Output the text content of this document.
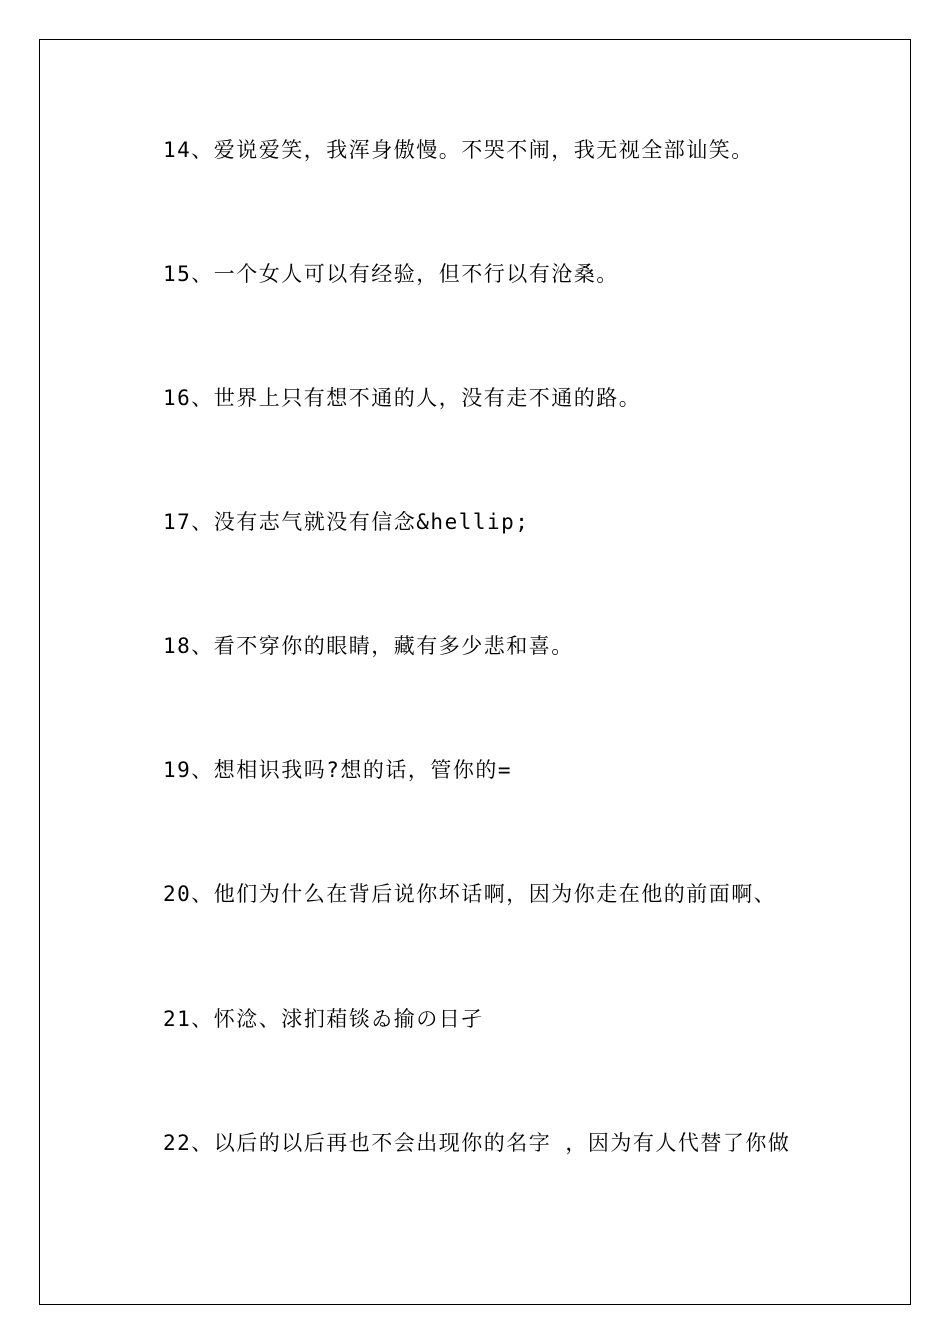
14、爱说爱笑，我浑身傲慢。不哭不闹，我无视全部讪笑。
15、一个女人可以有经验，但不行以有沧桑。
16、世界上只有想不通的人，没有走不通的路。
17、没有志气就没有信念&hellip;
18、看不穿你的眼睛，藏有多少悲和喜。
19、想相识我吗?想的话，管你的=
20、他们为什么在背后说你坏话啊，因为你走在他的前面啊、
21、怀淰、浗扪葙锬ゐ揄の日孑
22、以后的以后再也不会出现你的名字 ，因为有人代替了你做
